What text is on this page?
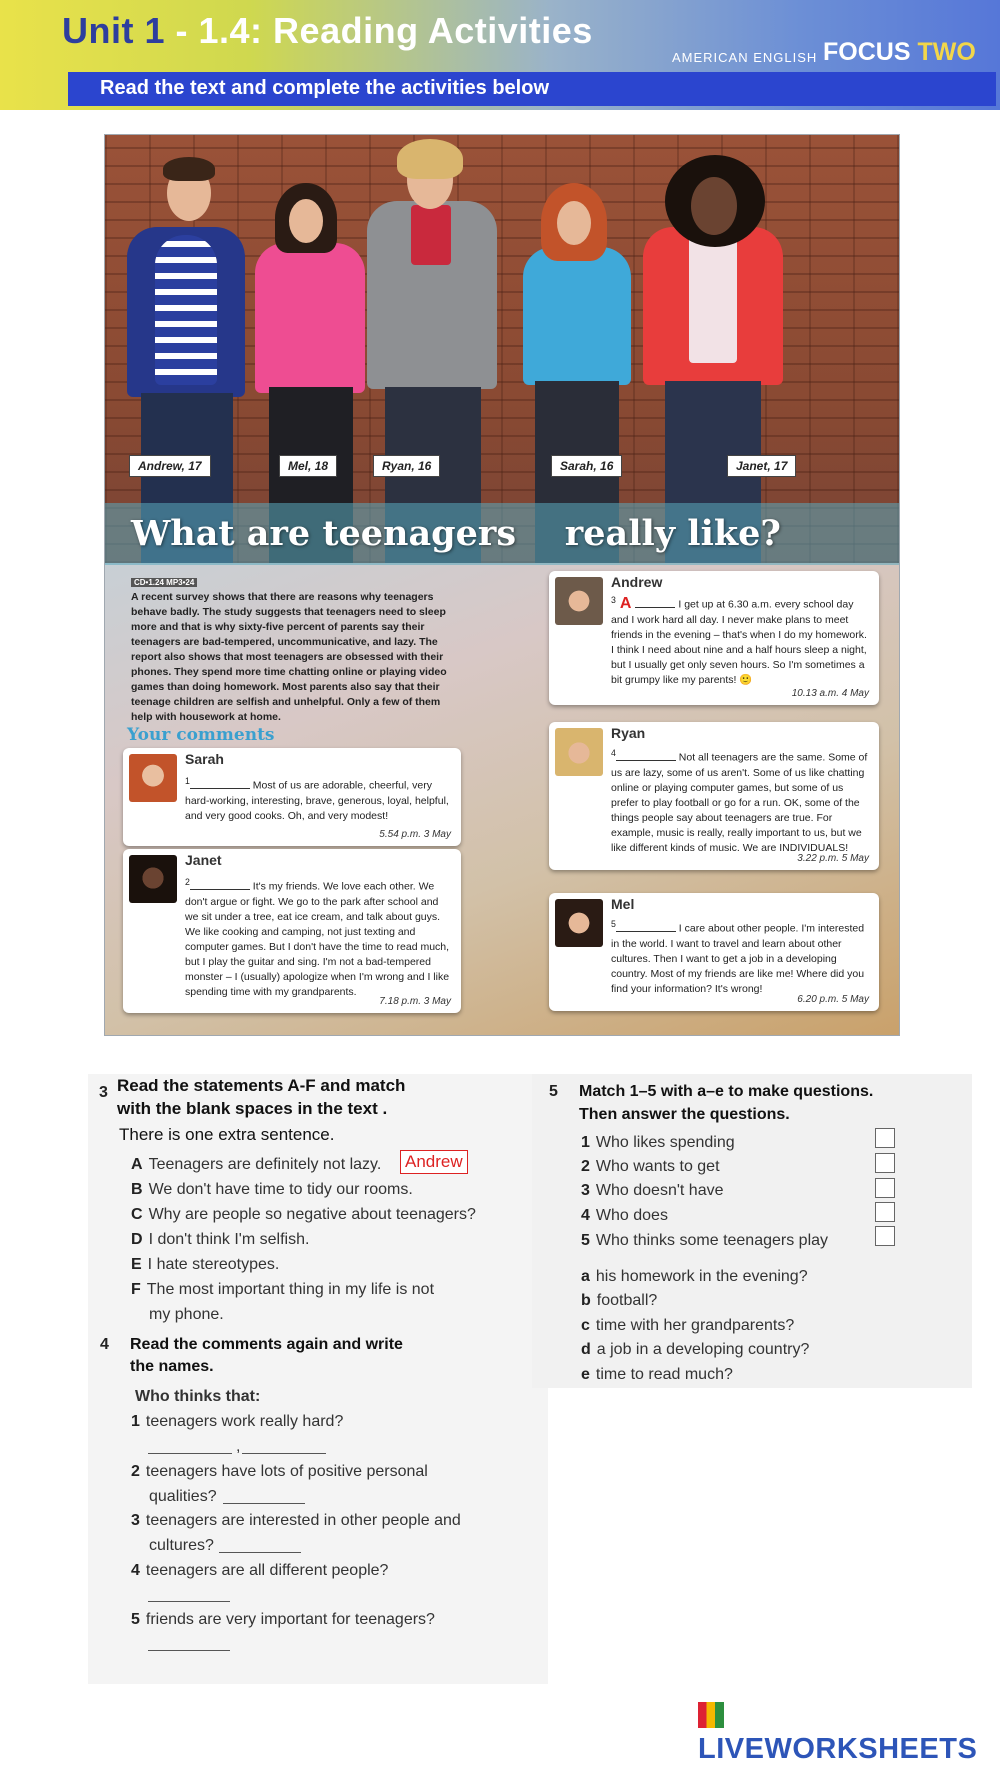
Unit 1 - 1.4: Reading Activities
AMERICAN ENGLISH FOCUS TWO
Read the text and complete the activities below
Andrew, 17	Mel, 18	Ryan, 16	Sarah, 16	Janet, 17
What are teenagers    really like?
CD•1.24 MP3•24
A recent survey shows that there are reasons why teenagers behave badly. The study suggests that teenagers need to sleep more and that is why sixty-five percent of parents say their teenagers are bad-tempered, uncommunicative, and lazy. The report also shows that most teenagers are obsessed with their phones. They spend more time chatting online or playing video games than doing homework. Most parents also say that their teenage children are selfish and unhelpful. Only a few of them help with housework at home.
Your comments
Sarah
$^1$	Most of us are adorable, cheerful, very hard-working, interesting, brave, generous, loyal, helpful, and very good cooks. Oh, and very modest!
5.54 p.m. 3 May
Janet
$^2$	It's my friends. We love each other. We don't argue or fight. We go to the park after school and we sit under a tree, eat ice cream, and talk about guys. We like cooking and camping, not just texting and computer games. But I don't have the time to read much, but I play the guitar and sing. I'm not a bad-tempered monster – I (usually) apologize when I'm wrong and I like spending time with my grandparents.
7.18 p.m. 3 May
Andrew
$^3$ A	I get up at 6.30 a.m. every school day and I work hard all day. I never make plans to meet friends in the evening – that's when I do my homework. I think I need about nine and a half hours sleep a night, but I usually get only seven hours. So I'm sometimes a bit grumpy like my parents! 🙂
10.13 a.m. 4 May
Ryan
$^4$	Not all teenagers are the same. Some of us are lazy, some of us aren't. Some of us like chatting online or playing computer games, but some of us prefer to play football or go for a run. OK, some of the things people say about teenagers are true. For example, music is really, really important to us, but we like different kinds of music. We are INDIVIDUALS!
3.22 p.m. 5 May
Mel
$^5$	I care about other people. I'm interested in the world. I want to travel and learn about other cultures. Then I want to get a job in a developing country. Most of my friends are like me! Where did you find your information? It's wrong!
6.20 p.m. 5 May
3 Read the statements A-F and match
with the blank spaces in the text .
There is one extra sentence.
A Teenagers are definitely not lazy. Andrew
B We don't have time to tidy our rooms.
C Why are people so negative about teenagers?
D I don't think I'm selfish.
E I hate stereotypes.
F The most important thing in my life is not
my phone.
4 Read the comments again and write
the names.
Who thinks that:
1 teenagers work really hard?
,
2 teenagers have lots of positive personal
qualities?
3 teenagers are interested in other people and
cultures?
4 teenagers are all different people?
5 friends are very important for teenagers?
5 Match 1–5 with a–e to make questions.
Then answer the questions.
1 Who likes spending
2 Who wants to get
3 Who doesn't have
4 Who does
5 Who thinks some teenagers play
a his homework in the evening?
b football?
c time with her grandparents?
d a job in a developing country?
e time to read much?
LIVEWORKSHEETS
